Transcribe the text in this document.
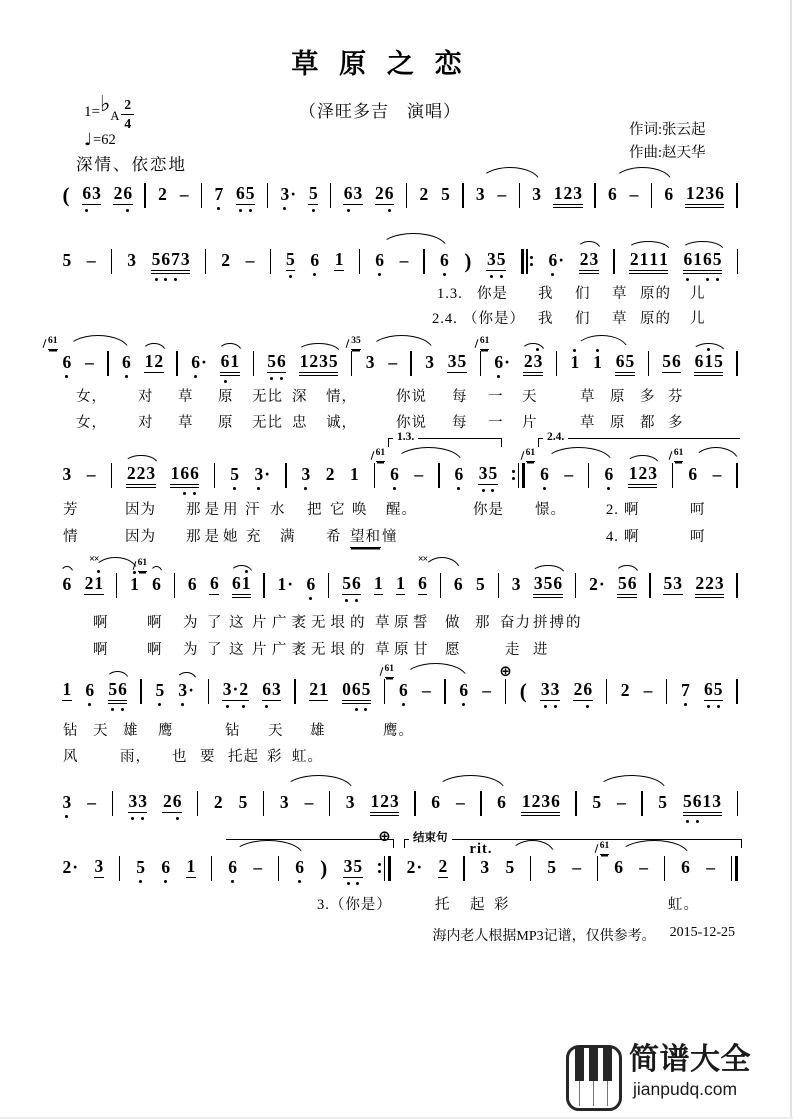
草 原 之 恋
（泽旺多吉　演唱）
1= ♭ A $\frac{2}{4}$
♩ =62
深情、依恋地
作词:张云起
作曲:赵天华
( 6 3 2 6 2 – 7 6 5 3 · 5 6 3 2 6 2 5 3 – 3 1 2 3 6 – 6 1 2 3 6
5 – 3 5 6 7 3 2 – 5 6 1 6 – 6 ) 3 5 6 · 2 3 2 1 1 1 6 1 6 5
61
6 – 6 1 2 6 · 6 1 5 6 1 2 3 5
35
3 – 3 3 5
61
6 · 2 3 1 1 6 5 5 6 6 1 5
3 – 2 2 3 1 6 6 5 3 · 3 2 1
61
6 – 6 3 5
61
6 – 6 1 2 3
61
6 –
1.3.	2.4.
6
××
2 1 1
61
6 6 6 6 1 1 · 6 5 6 1 1
××
6 6 5 3 3 5 6 2 · 5 6 5 3 2 2 3
1 6 5 6 5 3 · 3 · 2 6 3 2 1 0 6 5
61
6 – 6 – ( 3 3 2 6 2 – 7 6 5
⊕
3 – 3 3 2 6 2 5 3 – 3 1 2 3 6 – 6 1 2 3 6 5 – 5 5 6 1 3
2 · 3 5 6 1 6 – 6 ) 3 5	2 · 2 3 5 5 –
61
6 – 6 –
结束句
⊕
rit.
1.3. 你是 我 们 草 原的 儿
2.4. （你是） 我 们 草 原的 儿
女， 对 草 原 无比 深 情，	你说 每 一 天	草 原 多 芬
女， 对 草 原 无比 忠 诚，	你说 每 一 片	草 原 都 多
芳	因为 那是用 汗 水 把 它 唤 醒。	你是 憬。	2. 啊	呵
情	因为 那是她 充 满 希 望和 憧	4. 啊	呵
啊	啊 为 了 这 片 广袤无垠的 草 原 誓 做 那 奋力 拼搏的
啊	啊 为 了 这 片 广袤无垠的 草 原 甘 愿	走 进
钻 天 雄 鹰	钻 天 雄	鹰。
风	雨， 也 要 托起 彩 虹。
3.（你是）	托 起 彩	虹。
海内老人根据MP3记谱，仅供参考。 2015-12-25
简谱大全
jianpudq.com
